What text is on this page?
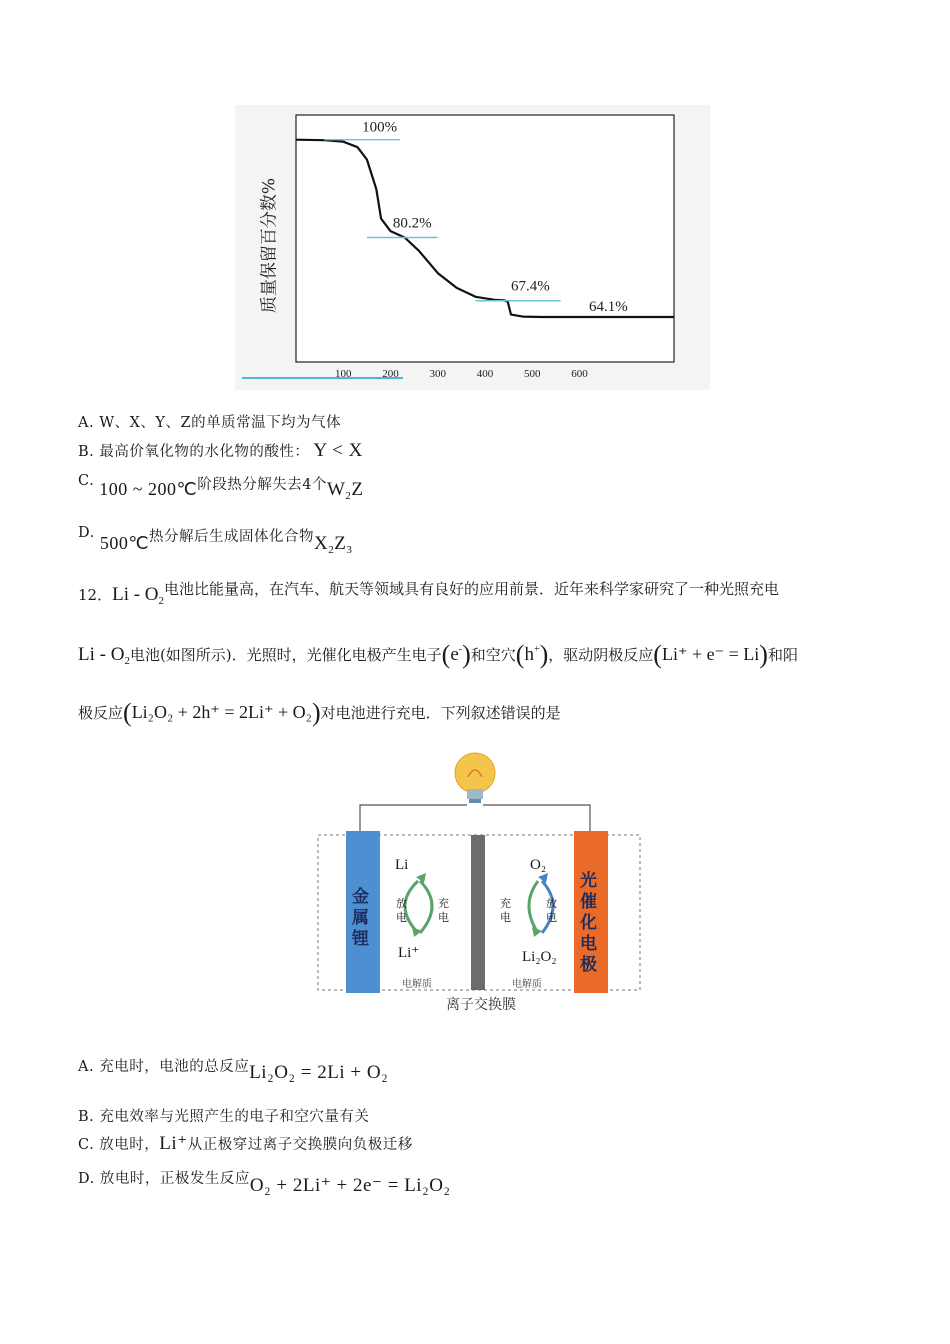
100	200	300	400	500	600
100%
80.2%
67.4%
64.1%
质量保留百分数%
A. W、X、Y、Z的单质常温下均为气体
B. 最高价氧化物的水化物的酸性： Y < X
C. 100 ~ 200℃阶段热分解失去4个$W_2Z$
D. 500℃热分解后生成固体化合物$X_2Z_3$
12．Li - $O_2$电池比能量高，在汽车、航天等领域具有良好的应用前景．近年来科学家研究了一种光照充电
Li - $O_2$电池(如图所示)．光照时，光催化电极产生电子(e-)和空穴(h+)，驱动阴极反应(Li⁺ + e⁻ = Li)和阳
极反应(Li₂O₂ + 2h⁺ = 2Li⁺ + O₂)对电池进行充电．下列叙述错误的是
金属锂
光催化电极
Li
Li⁺
放电
充电
O₂
Li₂O₂
充电
放电
电解质	电解质
离子交换膜
A. 充电时，电池的总反应Li₂O₂ = 2Li + O₂
B. 充电效率与光照产生的电子和空穴量有关
C. 放电时，Li⁺从正极穿过离子交换膜向负极迁移
D. 放电时，正极发生反应O₂ + 2Li⁺ + 2e⁻ = Li₂O₂
